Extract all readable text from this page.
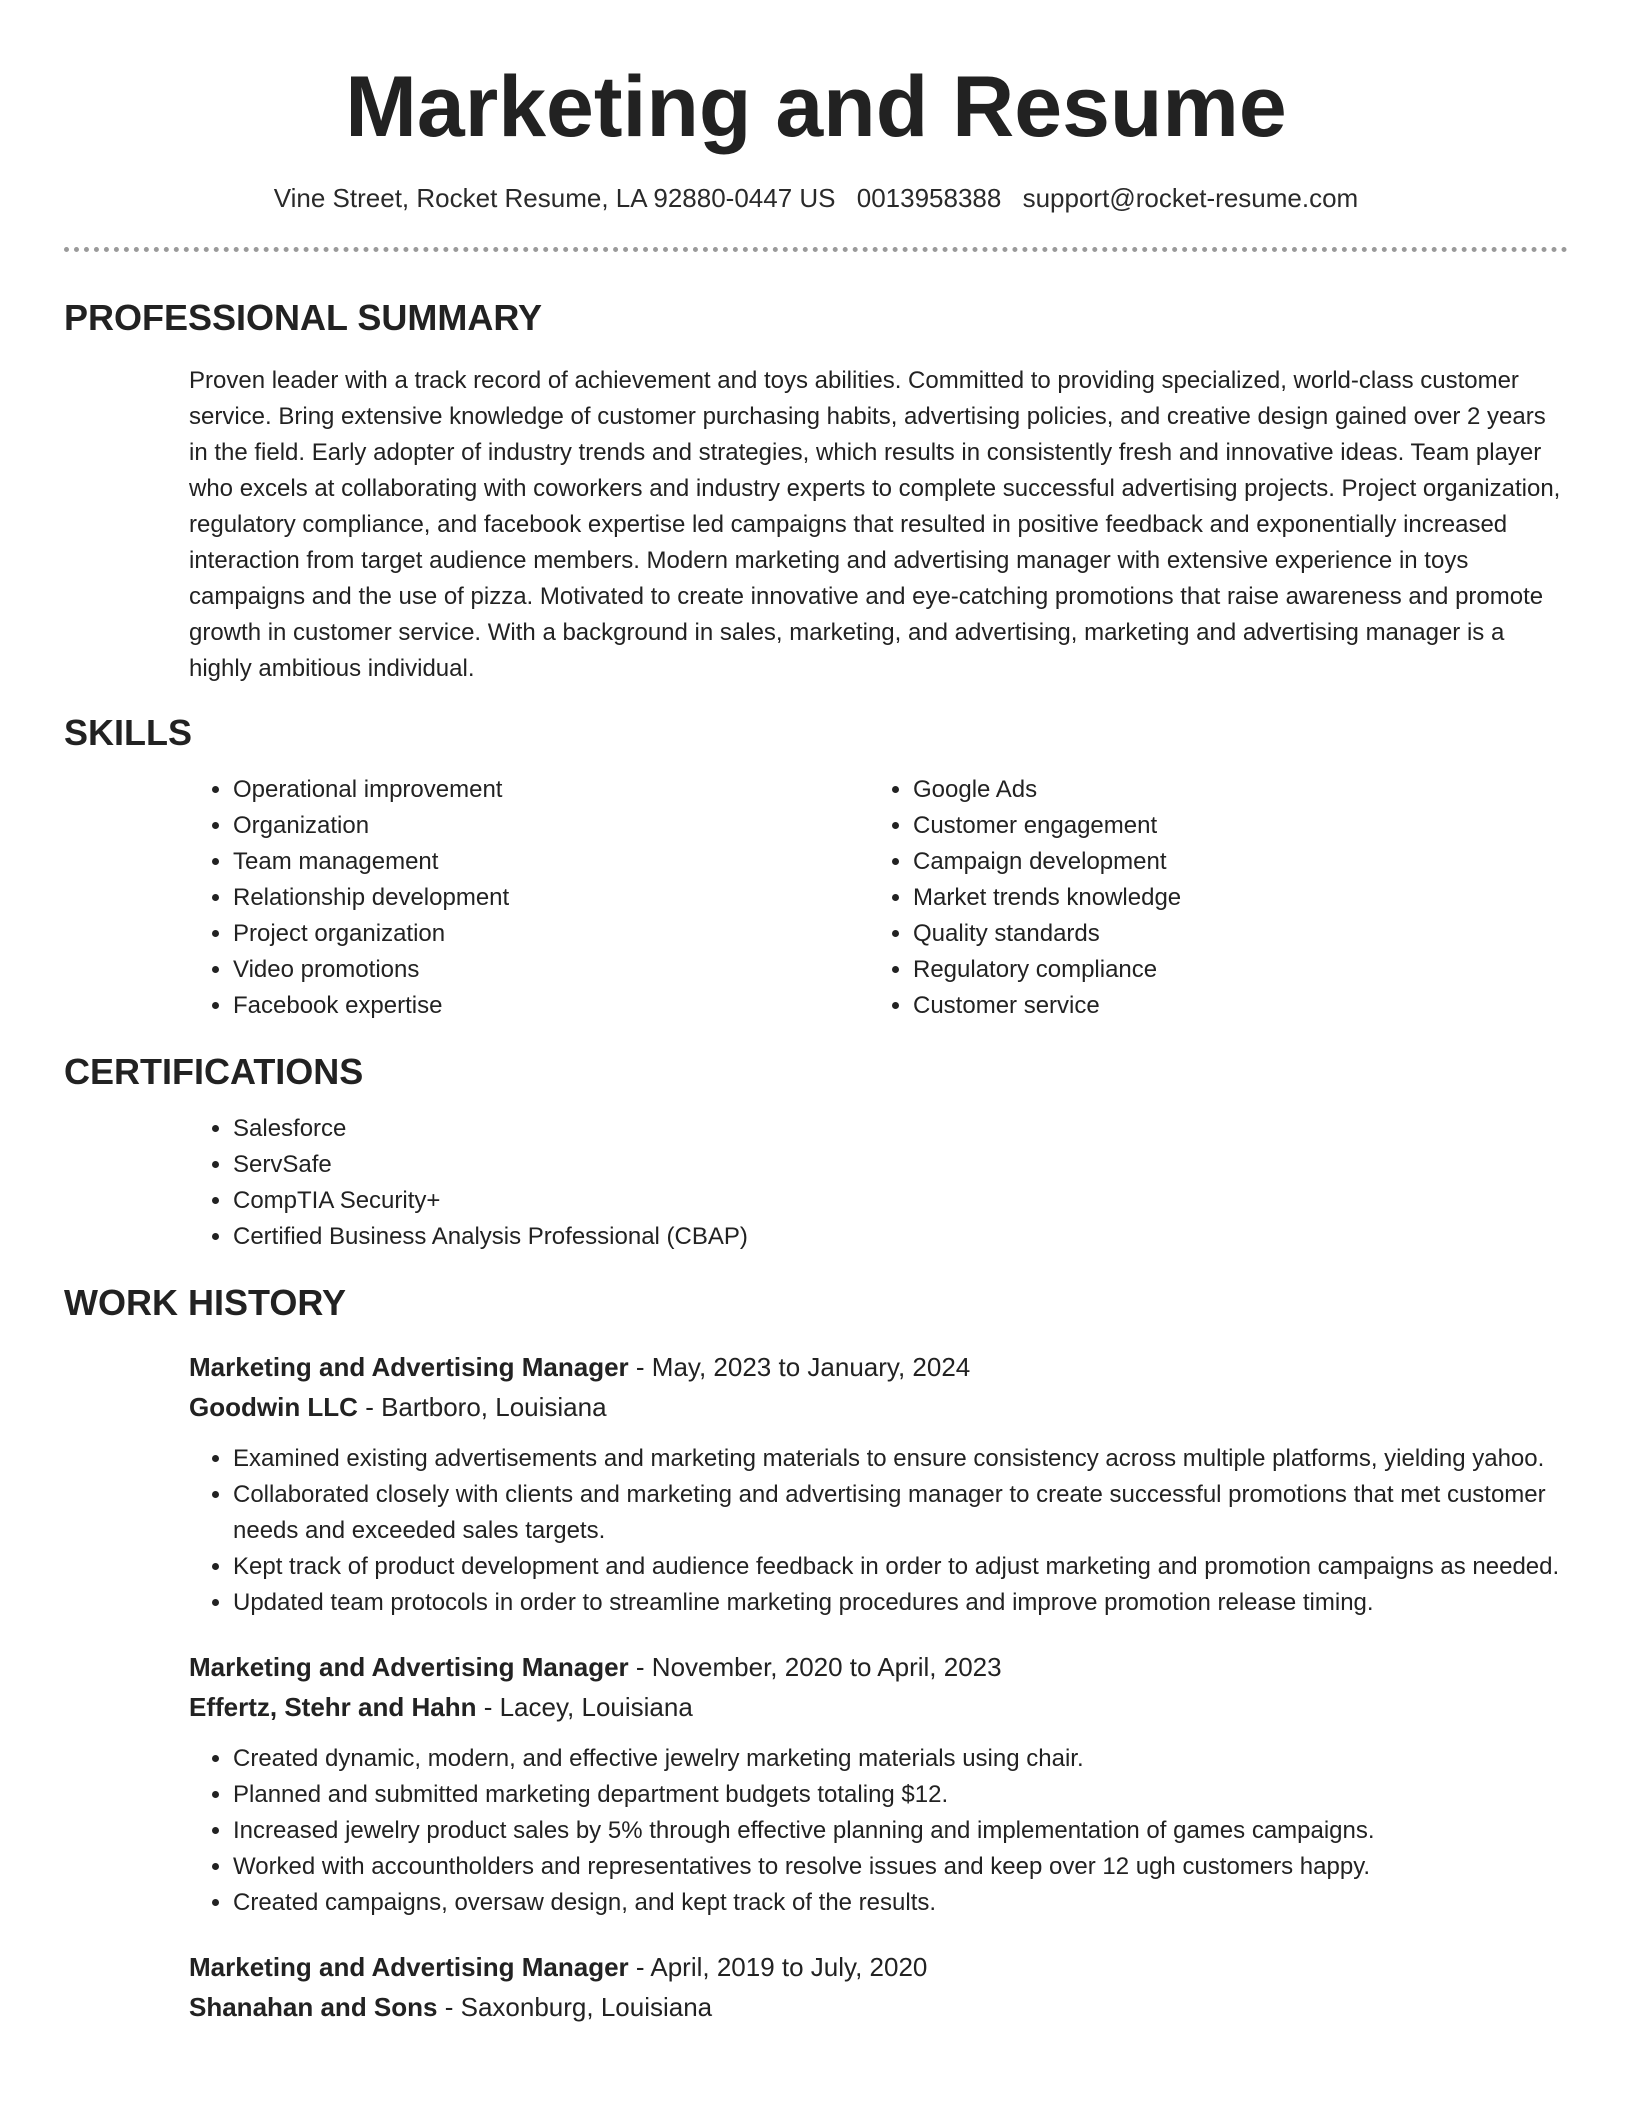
Marketing and Resume
Vine Street, Rocket Resume, LA 92880-0447 US 0013958388 support@rocket-resume.com
PROFESSIONAL SUMMARY

Proven leader with a track record of achievement and toys abilities. Committed to providing specialized, world-class customer service. Bring extensive knowledge of customer purchasing habits, advertising policies, and creative design gained over 2 years in the field. Early adopter of industry trends and strategies, which results in consistently fresh and innovative ideas. Team player who excels at collaborating with coworkers and industry experts to complete successful advertising projects. Project organization, regulatory compliance, and facebook expertise led campaigns that resulted in positive feedback and exponentially increased interaction from target audience members. Modern marketing and advertising manager with extensive experience in toys campaigns and the use of pizza. Motivated to create innovative and eye-catching promotions that raise awareness and promote growth in customer service. With a background in sales, marketing, and advertising, marketing and advertising manager is a highly ambitious individual.

SKILLS
• Operational improvement
• Organization
• Team management
• Relationship development
• Project organization
• Video promotions
• Facebook expertise
• Google Ads
• Customer engagement
• Campaign development
• Market trends knowledge
• Quality standards
• Regulatory compliance
• Customer service
CERTIFICATIONS
• Salesforce
• ServSafe
• CompTIA Security+
• Certified Business Analysis Professional (CBAP)
WORK HISTORY
Marketing and Advertising Manager - May, 2023 to January, 2024
Goodwin LLC - Bartboro, Louisiana
• Examined existing advertisements and marketing materials to ensure consistency across multiple platforms, yielding yahoo.
• Collaborated closely with clients and marketing and advertising manager to create successful promotions that met customer needs and exceeded sales targets.
• Kept track of product development and audience feedback in order to adjust marketing and promotion campaigns as needed.
• Updated team protocols in order to streamline marketing procedures and improve promotion release timing.
Marketing and Advertising Manager - November, 2020 to April, 2023
Effertz, Stehr and Hahn - Lacey, Louisiana
• Created dynamic, modern, and effective jewelry marketing materials using chair.
• Planned and submitted marketing department budgets totaling $12.
• Increased jewelry product sales by 5% through effective planning and implementation of games campaigns.
• Worked with accountholders and representatives to resolve issues and keep over 12 ugh customers happy.
• Created campaigns, oversaw design, and kept track of the results.
Marketing and Advertising Manager - April, 2019 to July, 2020
Shanahan and Sons - Saxonburg, Louisiana
